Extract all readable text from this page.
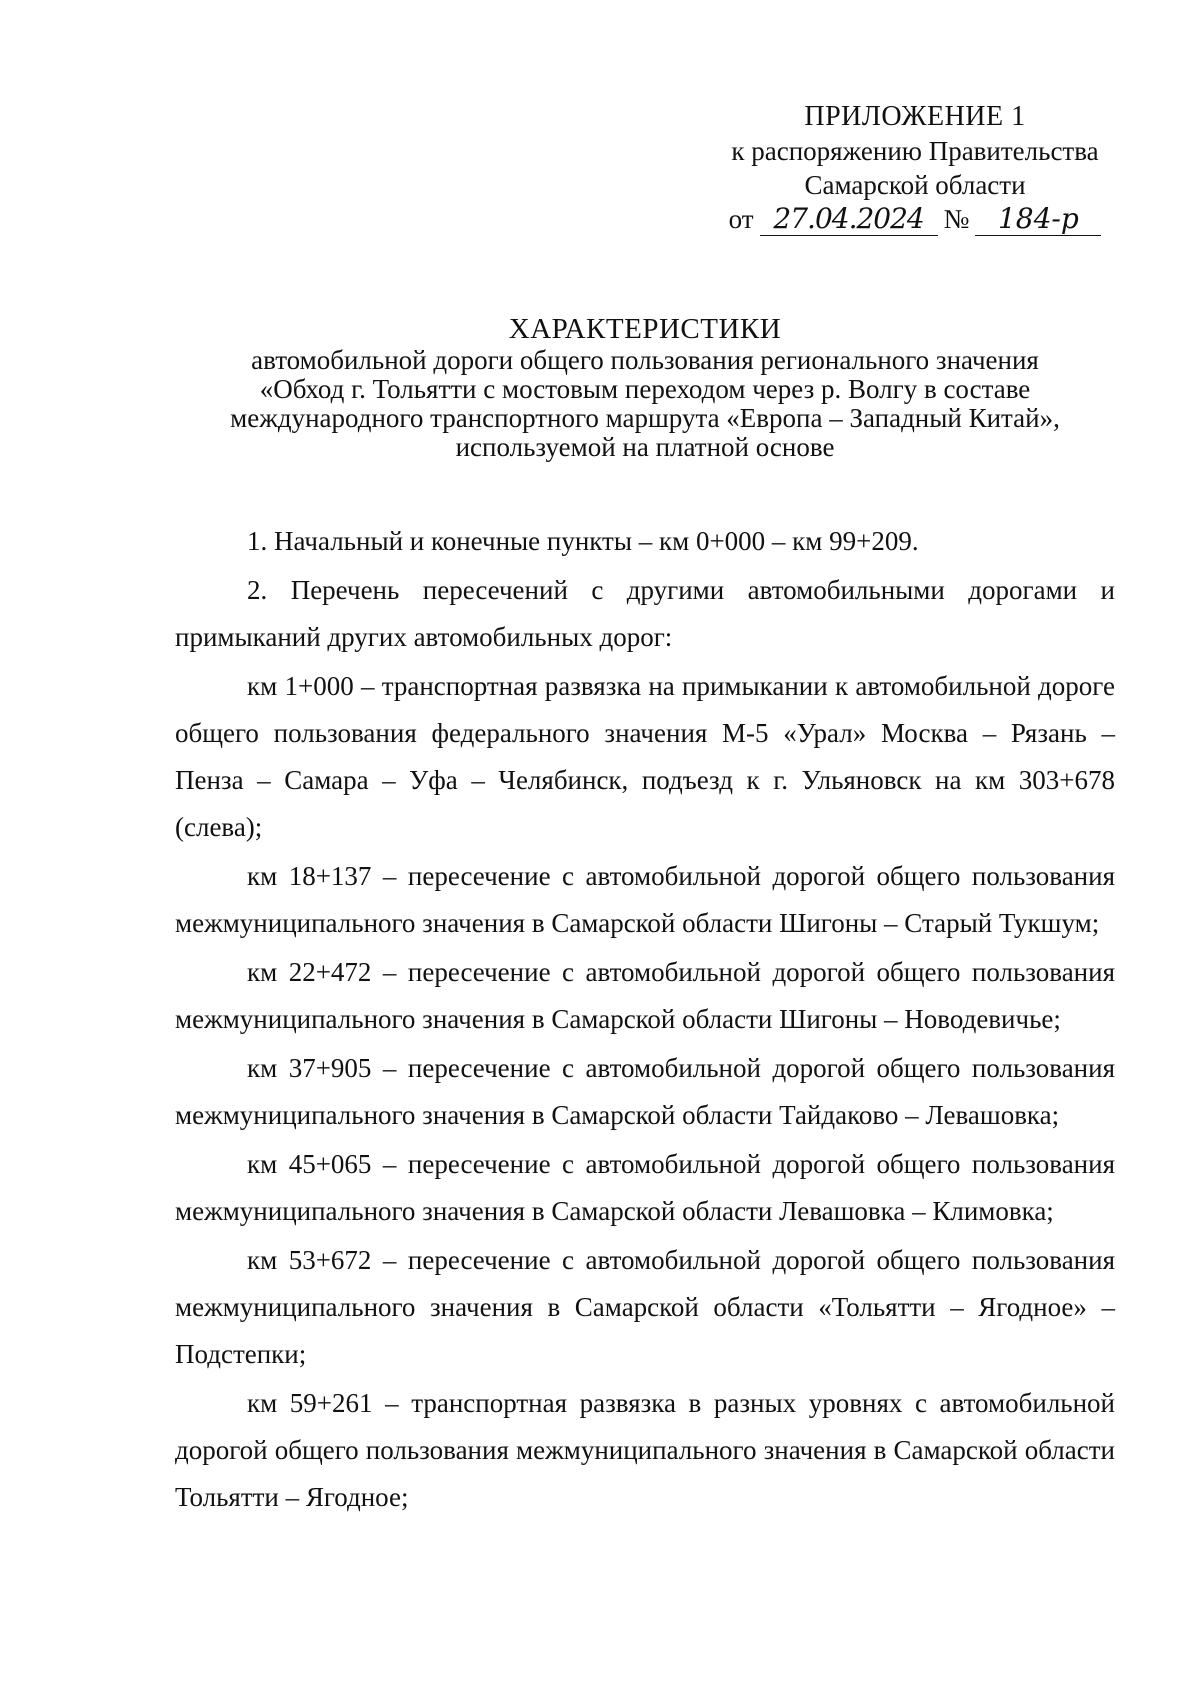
ПРИЛОЖЕНИЕ 1
к распоряжению Правительства
Самарской области
от 27.04.2024 №	184-р
ХАРАКТЕРИСТИКИ
автомобильной дороги общего пользования регионального значения
«Обход г. Тольятти с мостовым переходом через р. Волгу в составе
международного транспортного маршрута «Европа – Западный Китай»,
используемой на платной основе

1. Начальный и конечные пункты – км 0+000 – км 99+209.

2. Перечень пересечений с другими автомобильными дорогами и примыканий других автомобильных дорог:

км 1+000 – транспортная развязка на примыкании к автомобильной дороге общего пользования федерального значения М-5 «Урал» Москва – Рязань – Пенза – Самара – Уфа – Челябинск, подъезд к г. Ульяновск на км 303+678 (слева);

км 18+137 – пересечение с автомобильной дорогой общего пользования межмуниципального значения в Самарской области Шигоны – Старый Тукшум;

км 22+472 – пересечение с автомобильной дорогой общего пользования межмуниципального значения в Самарской области Шигоны – Новодевичье;

км 37+905 – пересечение с автомобильной дорогой общего пользования межмуниципального значения в Самарской области Тайдаково – Левашовка;

км 45+065 – пересечение с автомобильной дорогой общего пользования межмуниципального значения в Самарской области Левашовка – Климовка;

км 53+672 – пересечение с автомобильной дорогой общего пользования межмуниципального значения в Самарской области «Тольятти – Ягодное» – Подстепки;

км 59+261 – транспортная развязка в разных уровнях с автомобильной дорогой общего пользования межмуниципального значения в Самарской области Тольятти – Ягодное;
